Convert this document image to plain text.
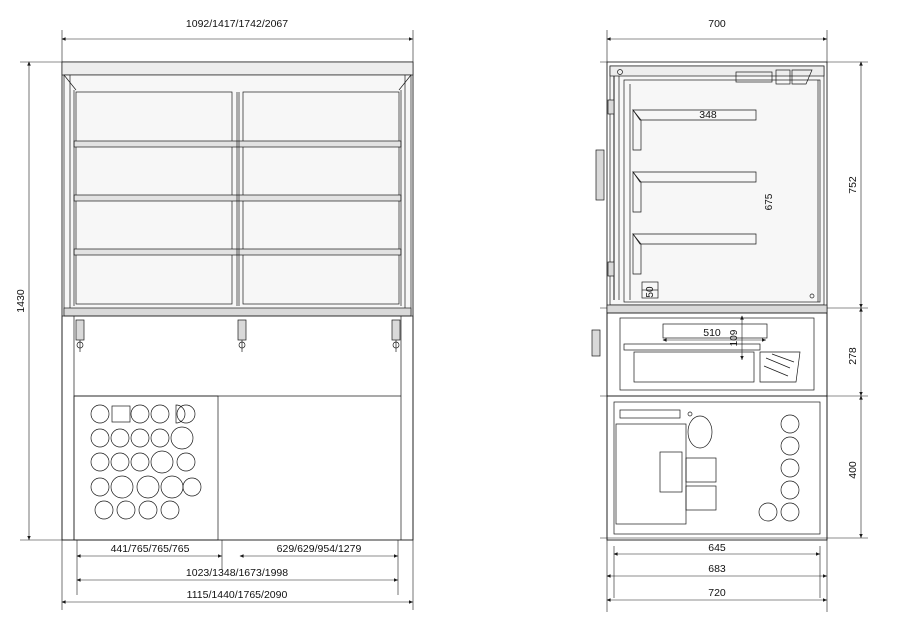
1092/1417/1742/2067
1430
441/765/765/765	629/629/954/1279
1023/1348/1673/1998
1115/1440/1765/2090
700
348
675
752
50
510 109
278
400
645
683
720
